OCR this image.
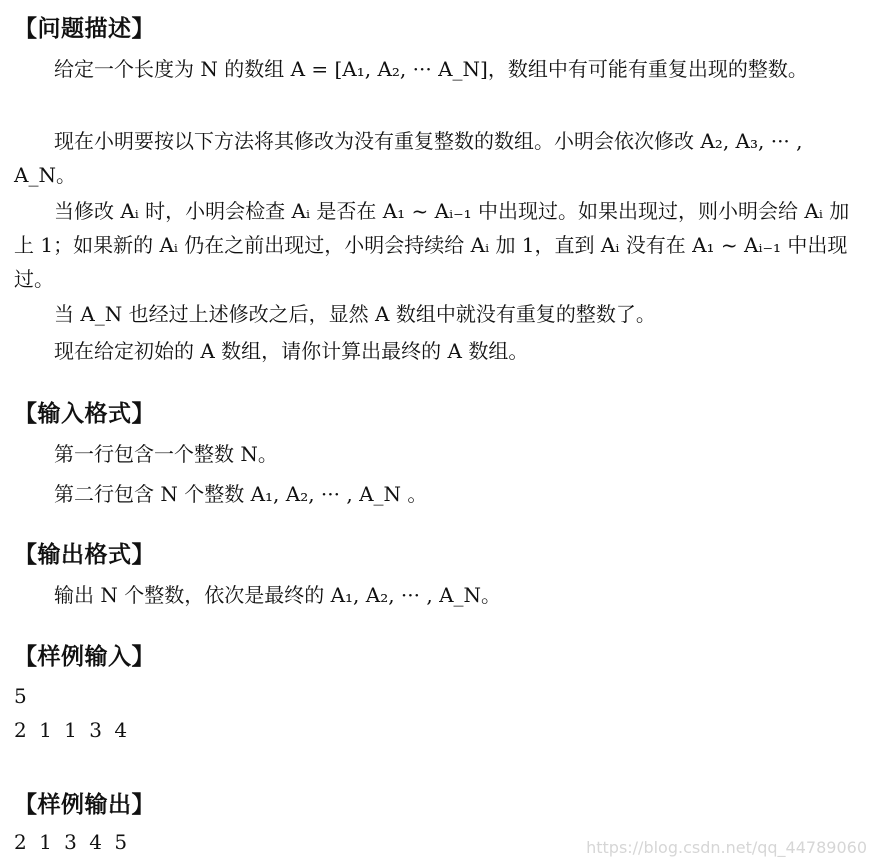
【问题描述】
给定一个长度为 N 的数组 A = [A₁, A₂, ··· A_N]，数组中有可能有重复出现的整数。
现在小明要按以下方法将其修改为没有重复整数的数组。小明会依次修改 A₂, A₃, ··· , A_N。
当修改 Aᵢ 时，小明会检查 Aᵢ 是否在 A₁ ~ Aᵢ₋₁ 中出现过。如果出现过，则小明会给 Aᵢ 加上 1；如果新的 Aᵢ 仍在之前出现过，小明会持续给 Aᵢ 加 1，直到 Aᵢ 没有在 A₁ ~ Aᵢ₋₁ 中出现过。
当 A_N 也经过上述修改之后，显然 A 数组中就没有重复的整数了。
现在给定初始的 A 数组，请你计算出最终的 A 数组。
【输入格式】
第一行包含一个整数 N。
第二行包含 N 个整数 A₁, A₂, ··· , A_N 。
【输出格式】
输出 N 个整数，依次是最终的 A₁, A₂, ··· , A_N。
【样例输入】
5
2 1 1 3 4
【样例输出】
2 1 3 4 5	https://blog.csdn.net/qq_44789060
